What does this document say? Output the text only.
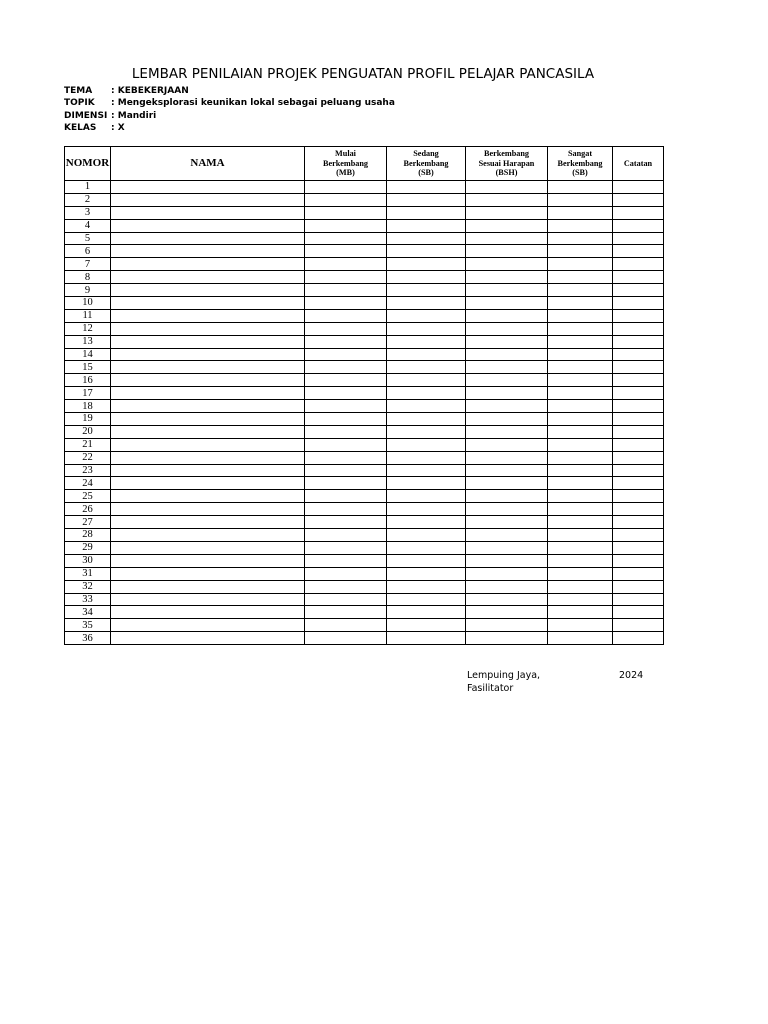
LEMBAR PENILAIAN PROJEK PENGUATAN PROFIL PELAJAR PANCASILA
TEMA : KEBEKERJAAN
TOPIK : Mengeksplorasi keunikan lokal sebagai peluang usaha
DIMENSI : Mandiri
KELAS : X
NOMOR	NAMA	Mulai
Berkembang
(MB)	Sedang
Berkembang
(SB)	Berkembang
Sesuai Harapan
(BSH)	Sangat
Berkembang
(SB)	Catatan
1						
2						
3						
4						
5						
6						
7						
8						
9						
10						
11						
12						
13						
14						
15						
16						
17						
18						
19						
20						
21						
22						
23						
24						
25						
26						
27						
28						
29						
30						
31						
32						
33						
34						
35						
36						
Lempuing Jaya,	2024
Fasilitator
